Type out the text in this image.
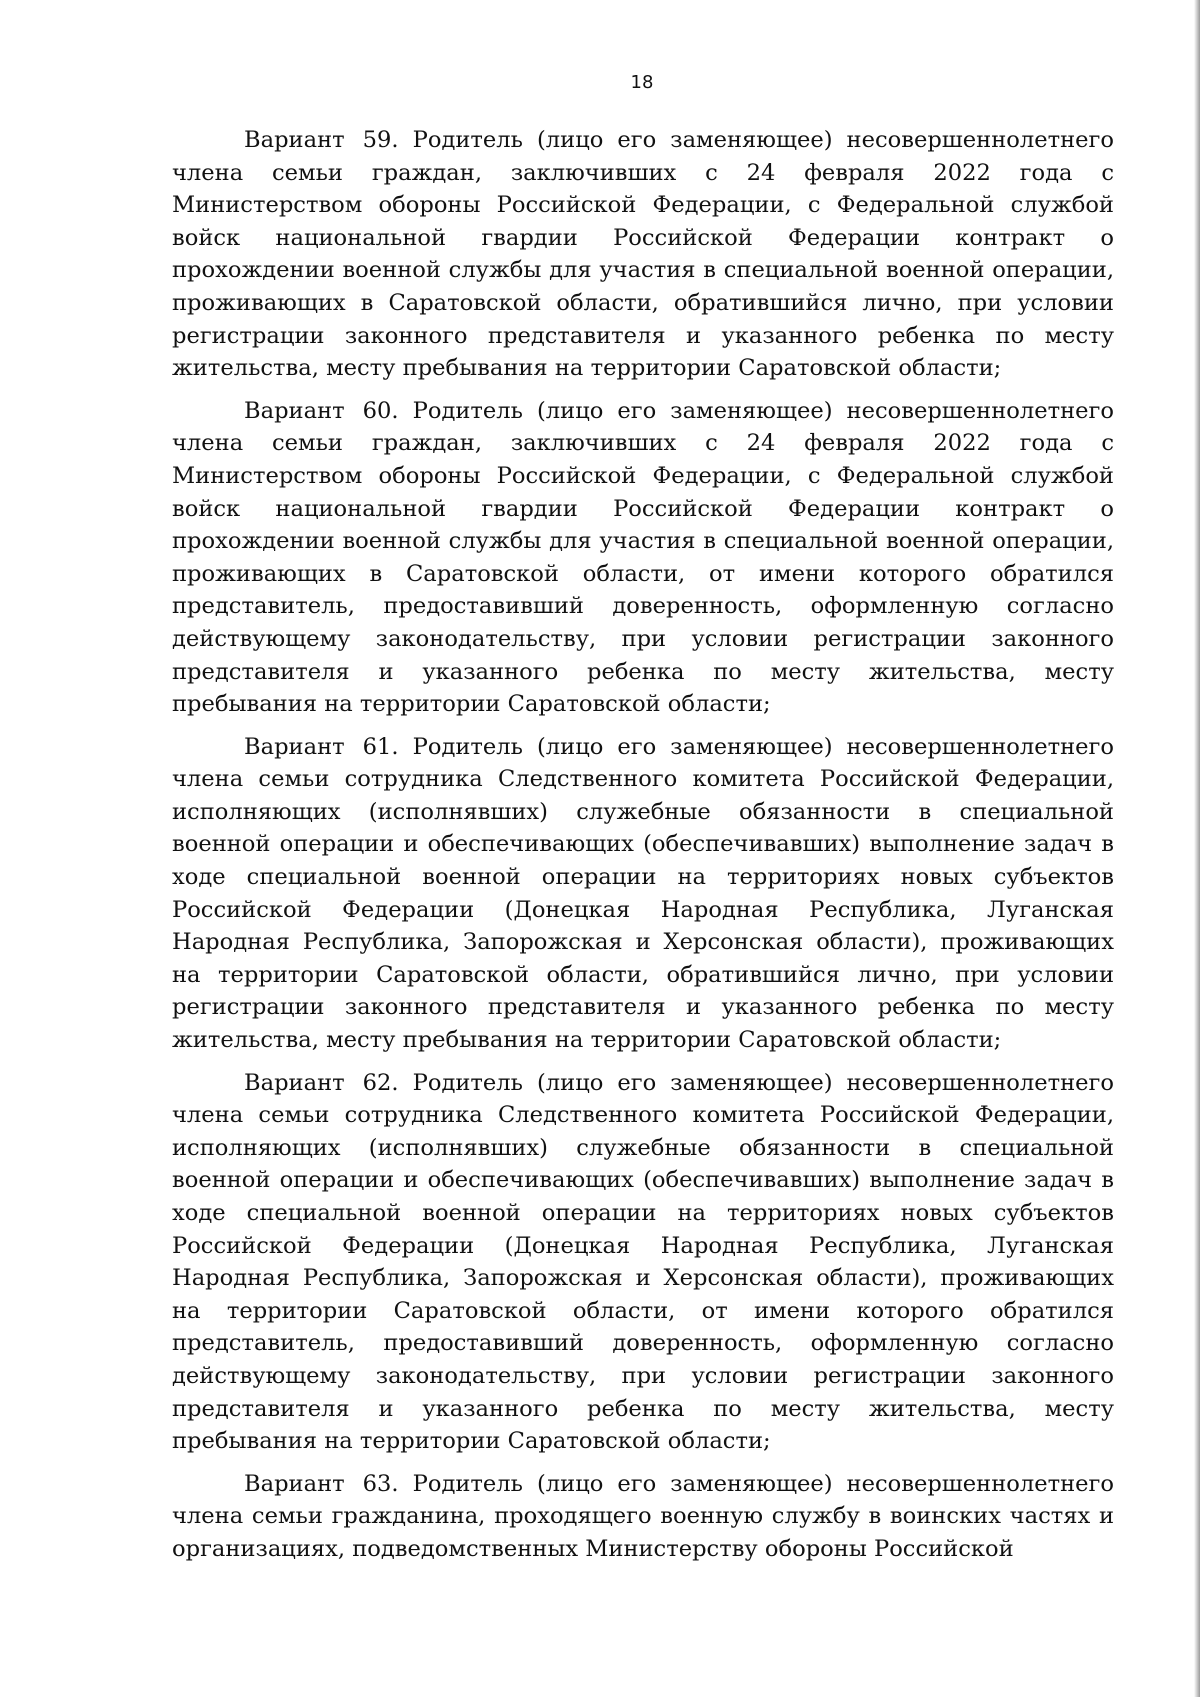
18

Вариант 59. Родитель (лицо его заменяющее) несовершеннолетнего члена семьи граждан, заключивших с 24 февраля 2022 года с Министерством обороны Российской Федерации, с Федеральной службой войск национальной гвардии Российской Федерации контракт о прохождении военной службы для участия в специальной военной операции, проживающих в Саратовской области, обратившийся лично, при условии регистрации законного представителя и указанного ребенка по месту жительства, месту пребывания на территории Саратовской области;

Вариант 60. Родитель (лицо его заменяющее) несовершеннолетнего члена семьи граждан, заключивших с 24 февраля 2022 года с Министерством обороны Российской Федерации, с Федеральной службой войск национальной гвардии Российской Федерации контракт о прохождении военной службы для участия в специальной военной операции, проживающих в Саратовской области, от имени которого обратился представитель, предоставивший доверенность, оформленную согласно действующему законодательству, при условии регистрации законного представителя и указанного ребенка по месту жительства, месту пребывания на территории Саратовской области;

Вариант 61. Родитель (лицо его заменяющее) несовершеннолетнего члена семьи сотрудника Следственного комитета Российской Федерации, исполняющих (исполнявших) служебные обязанности в специальной военной операции и обеспечивающих (обеспечивавших) выполнение задач в ходе специальной военной операции на территориях новых субъектов Российской Федерации (Донецкая Народная Республика, Луганская Народная Республика, Запорожская и Херсонская области), проживающих на территории Саратовской области, обратившийся лично, при условии регистрации законного представителя и указанного ребенка по месту жительства, месту пребывания на территории Саратовской области;

Вариант 62. Родитель (лицо его заменяющее) несовершеннолетнего члена семьи сотрудника Следственного комитета Российской Федерации, исполняющих (исполнявших) служебные обязанности в специальной военной операции и обеспечивающих (обеспечивавших) выполнение задач в ходе специальной военной операции на территориях новых субъектов Российской Федерации (Донецкая Народная Республика, Луганская Народная Республика, Запорожская и Херсонская области), проживающих на территории Саратовской области, от имени которого обратился представитель, предоставивший доверенность, оформленную согласно действующему законодательству, при условии регистрации законного представителя и указанного ребенка по месту жительства, месту пребывания на территории Саратовской области;

Вариант 63. Родитель (лицо его заменяющее) несовершеннолетнего члена семьи гражданина, проходящего военную службу в воинских частях и организациях, подведомственных Министерству обороны Российской
